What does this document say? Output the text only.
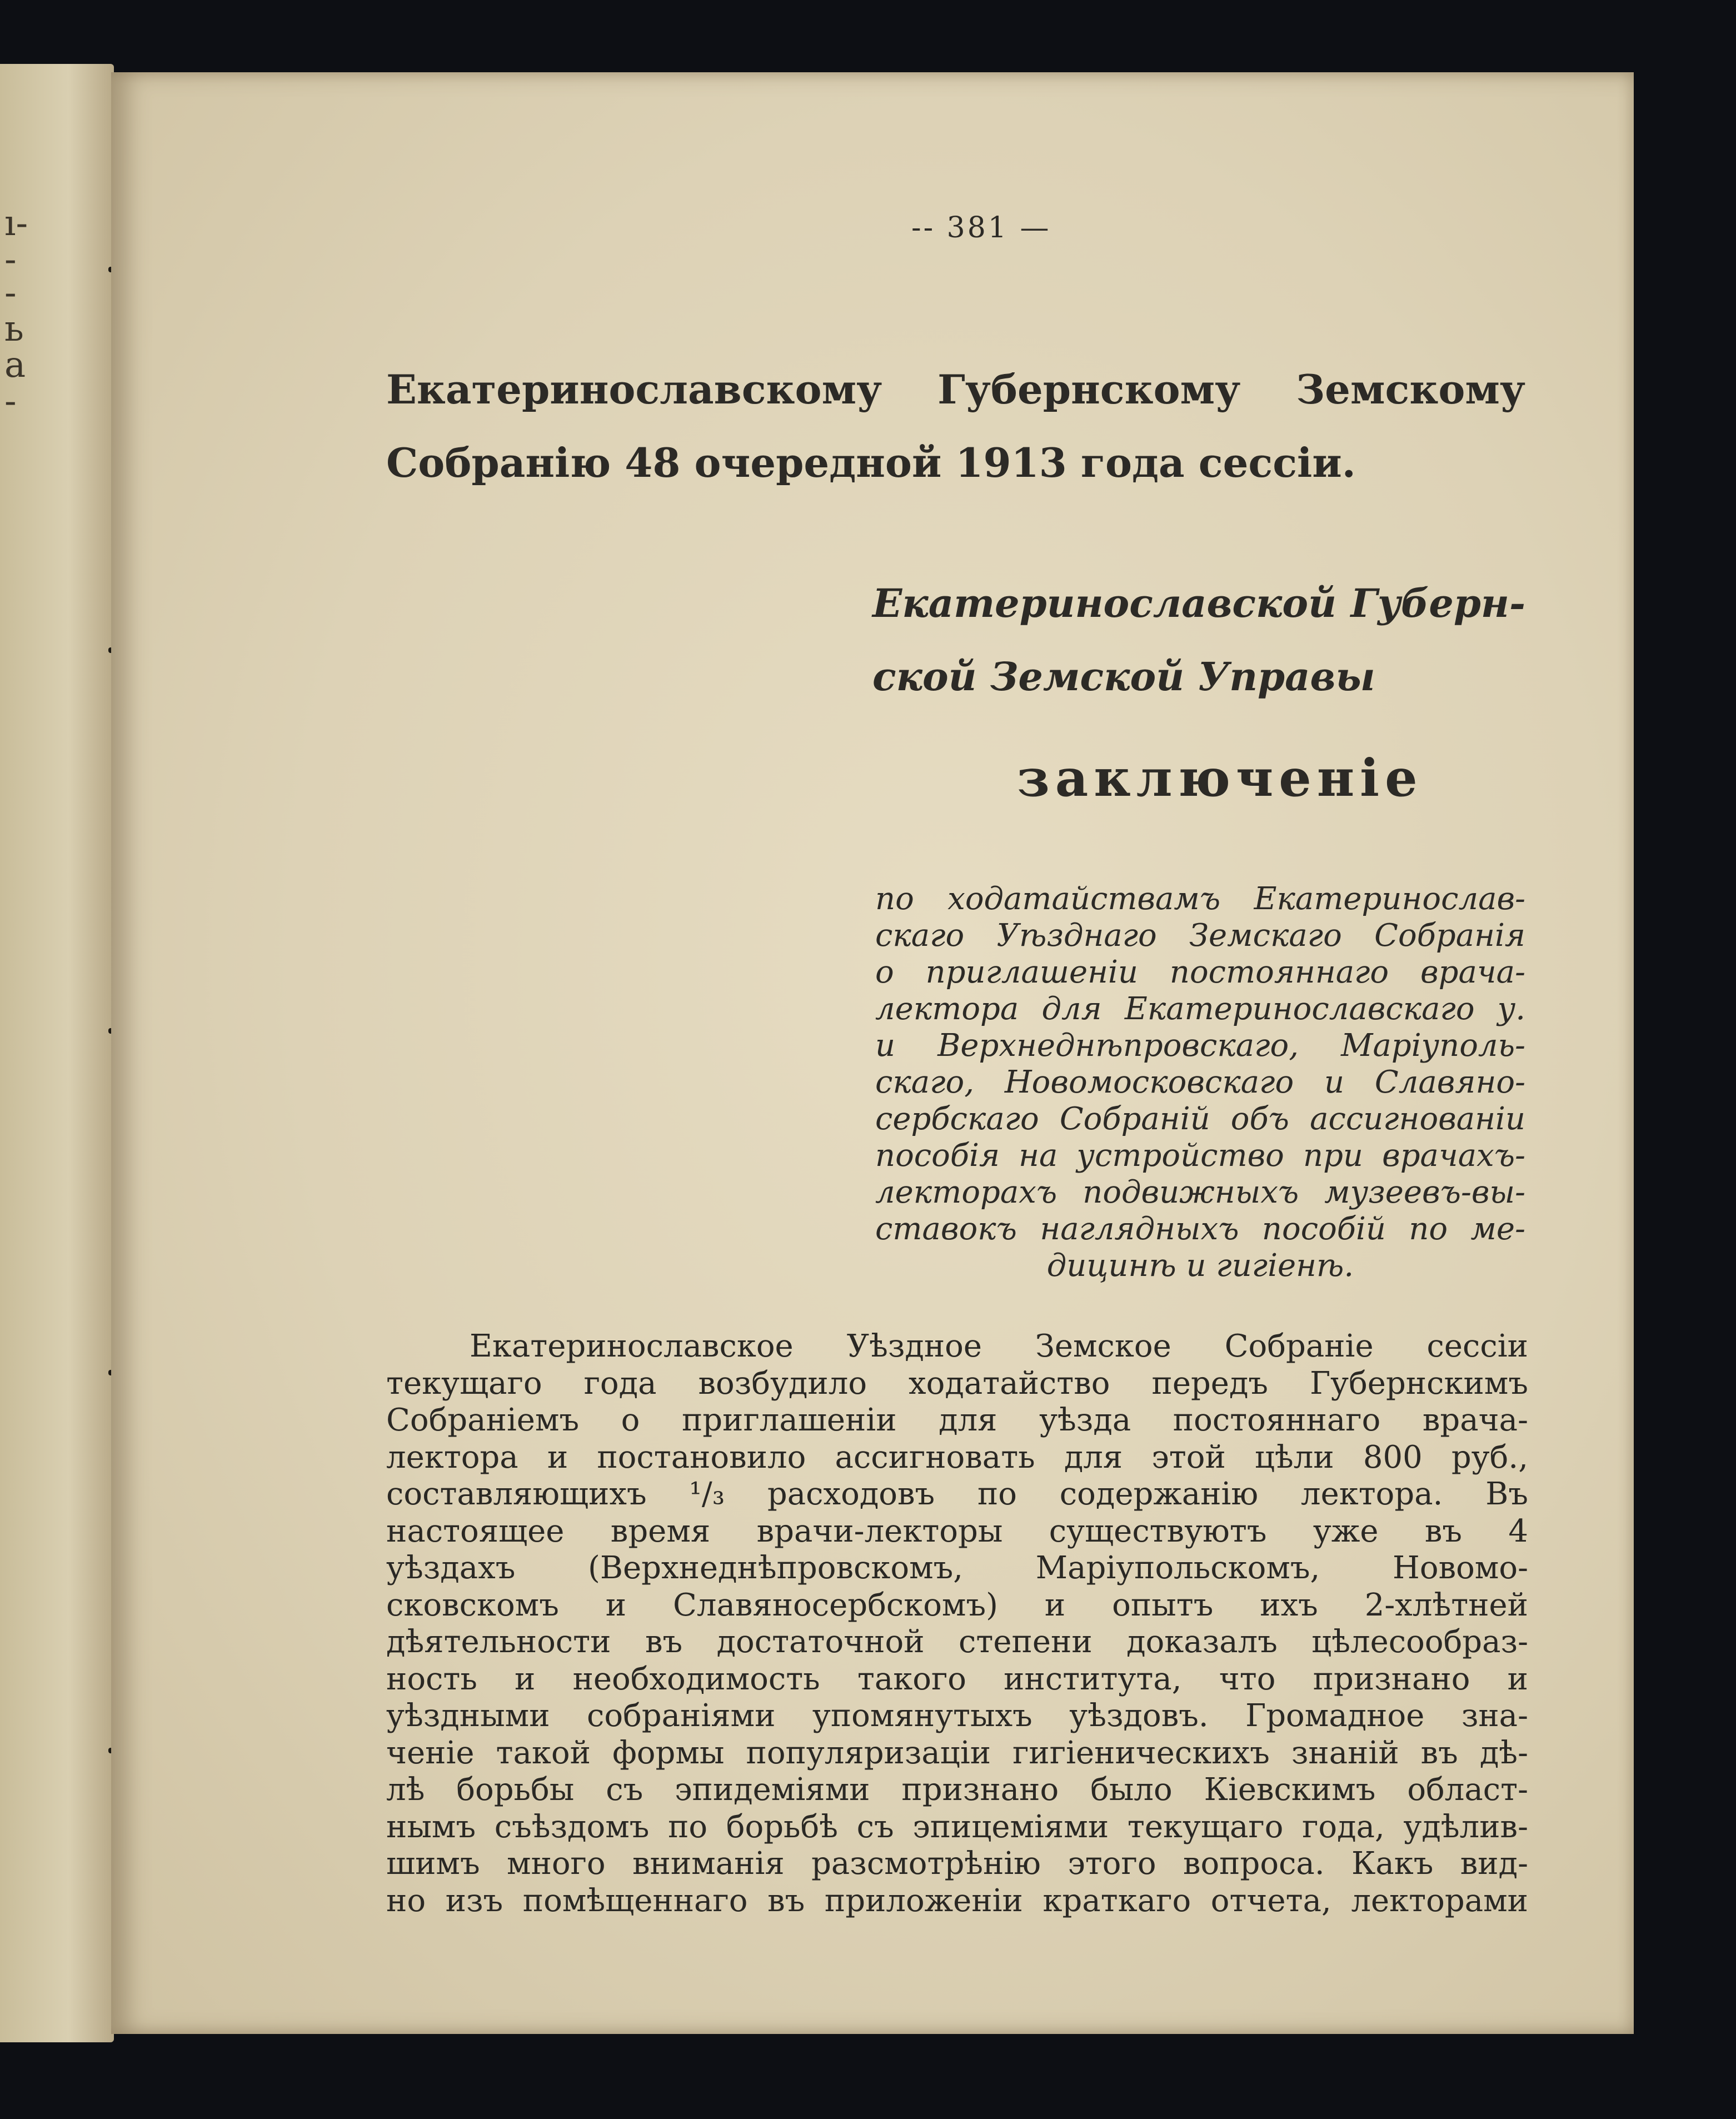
ı-
-
-
ь
а
-
-- 381 —
Екатеринославскому Губернскому Земскому
Собранію 48 очередной 1913 года сессіи.
Екатеринославской Губерн-
ской Земской Управы
заключеніе
по ходатайствамъ Екатеринослав-
скаго Уѣзднаго Земскаго Собранія
о приглашеніи постояннаго врача-
лектора для Екатеринославскаго у.
и Верхнеднѣпровскаго, Маріуполь-
скаго, Новомосковскаго и Славяно-
сербскаго Собраній объ ассигнованіи
пособія на устройство при врачахъ-
лекторахъ подвижныхъ музеевъ-вы-
ставокъ наглядныхъ пособій по ме-
дицинѣ и гигіенѣ.
Екатеринославское Уѣздное Земское Собраніе сессіи
текущаго года возбудило ходатайство передъ Губернскимъ
Собраніемъ о приглашеніи для уѣзда постояннаго врача-
лектора и постановило ассигновать для этой цѣли 800 руб.,
составляющихъ ¹/₃ расходовъ по содержанію лектора. Въ
настоящее время врачи-лекторы существуютъ уже въ 4
уѣздахъ (Верхнеднѣпровскомъ, Маріупольскомъ, Новомо-
сковскомъ и Славяносербскомъ) и опытъ ихъ 2-хлѣтней
дѣятельности въ достаточной степени доказалъ цѣлесообраз-
ность и необходимость такого института, что признано и
уѣздными собраніями упомянутыхъ уѣздовъ. Громадное зна-
ченіе такой формы популяризаціи гигіеническихъ знаній въ дѣ-
лѣ борьбы съ эпидеміями признано было Кіевскимъ област-
нымъ съѣздомъ по борьбѣ съ эпицеміями текущаго года, удѣлив-
шимъ много вниманія разсмотрѣнію этого вопроса. Какъ вид-
но изъ помѣщеннаго въ приложеніи краткаго отчета, лекторами
